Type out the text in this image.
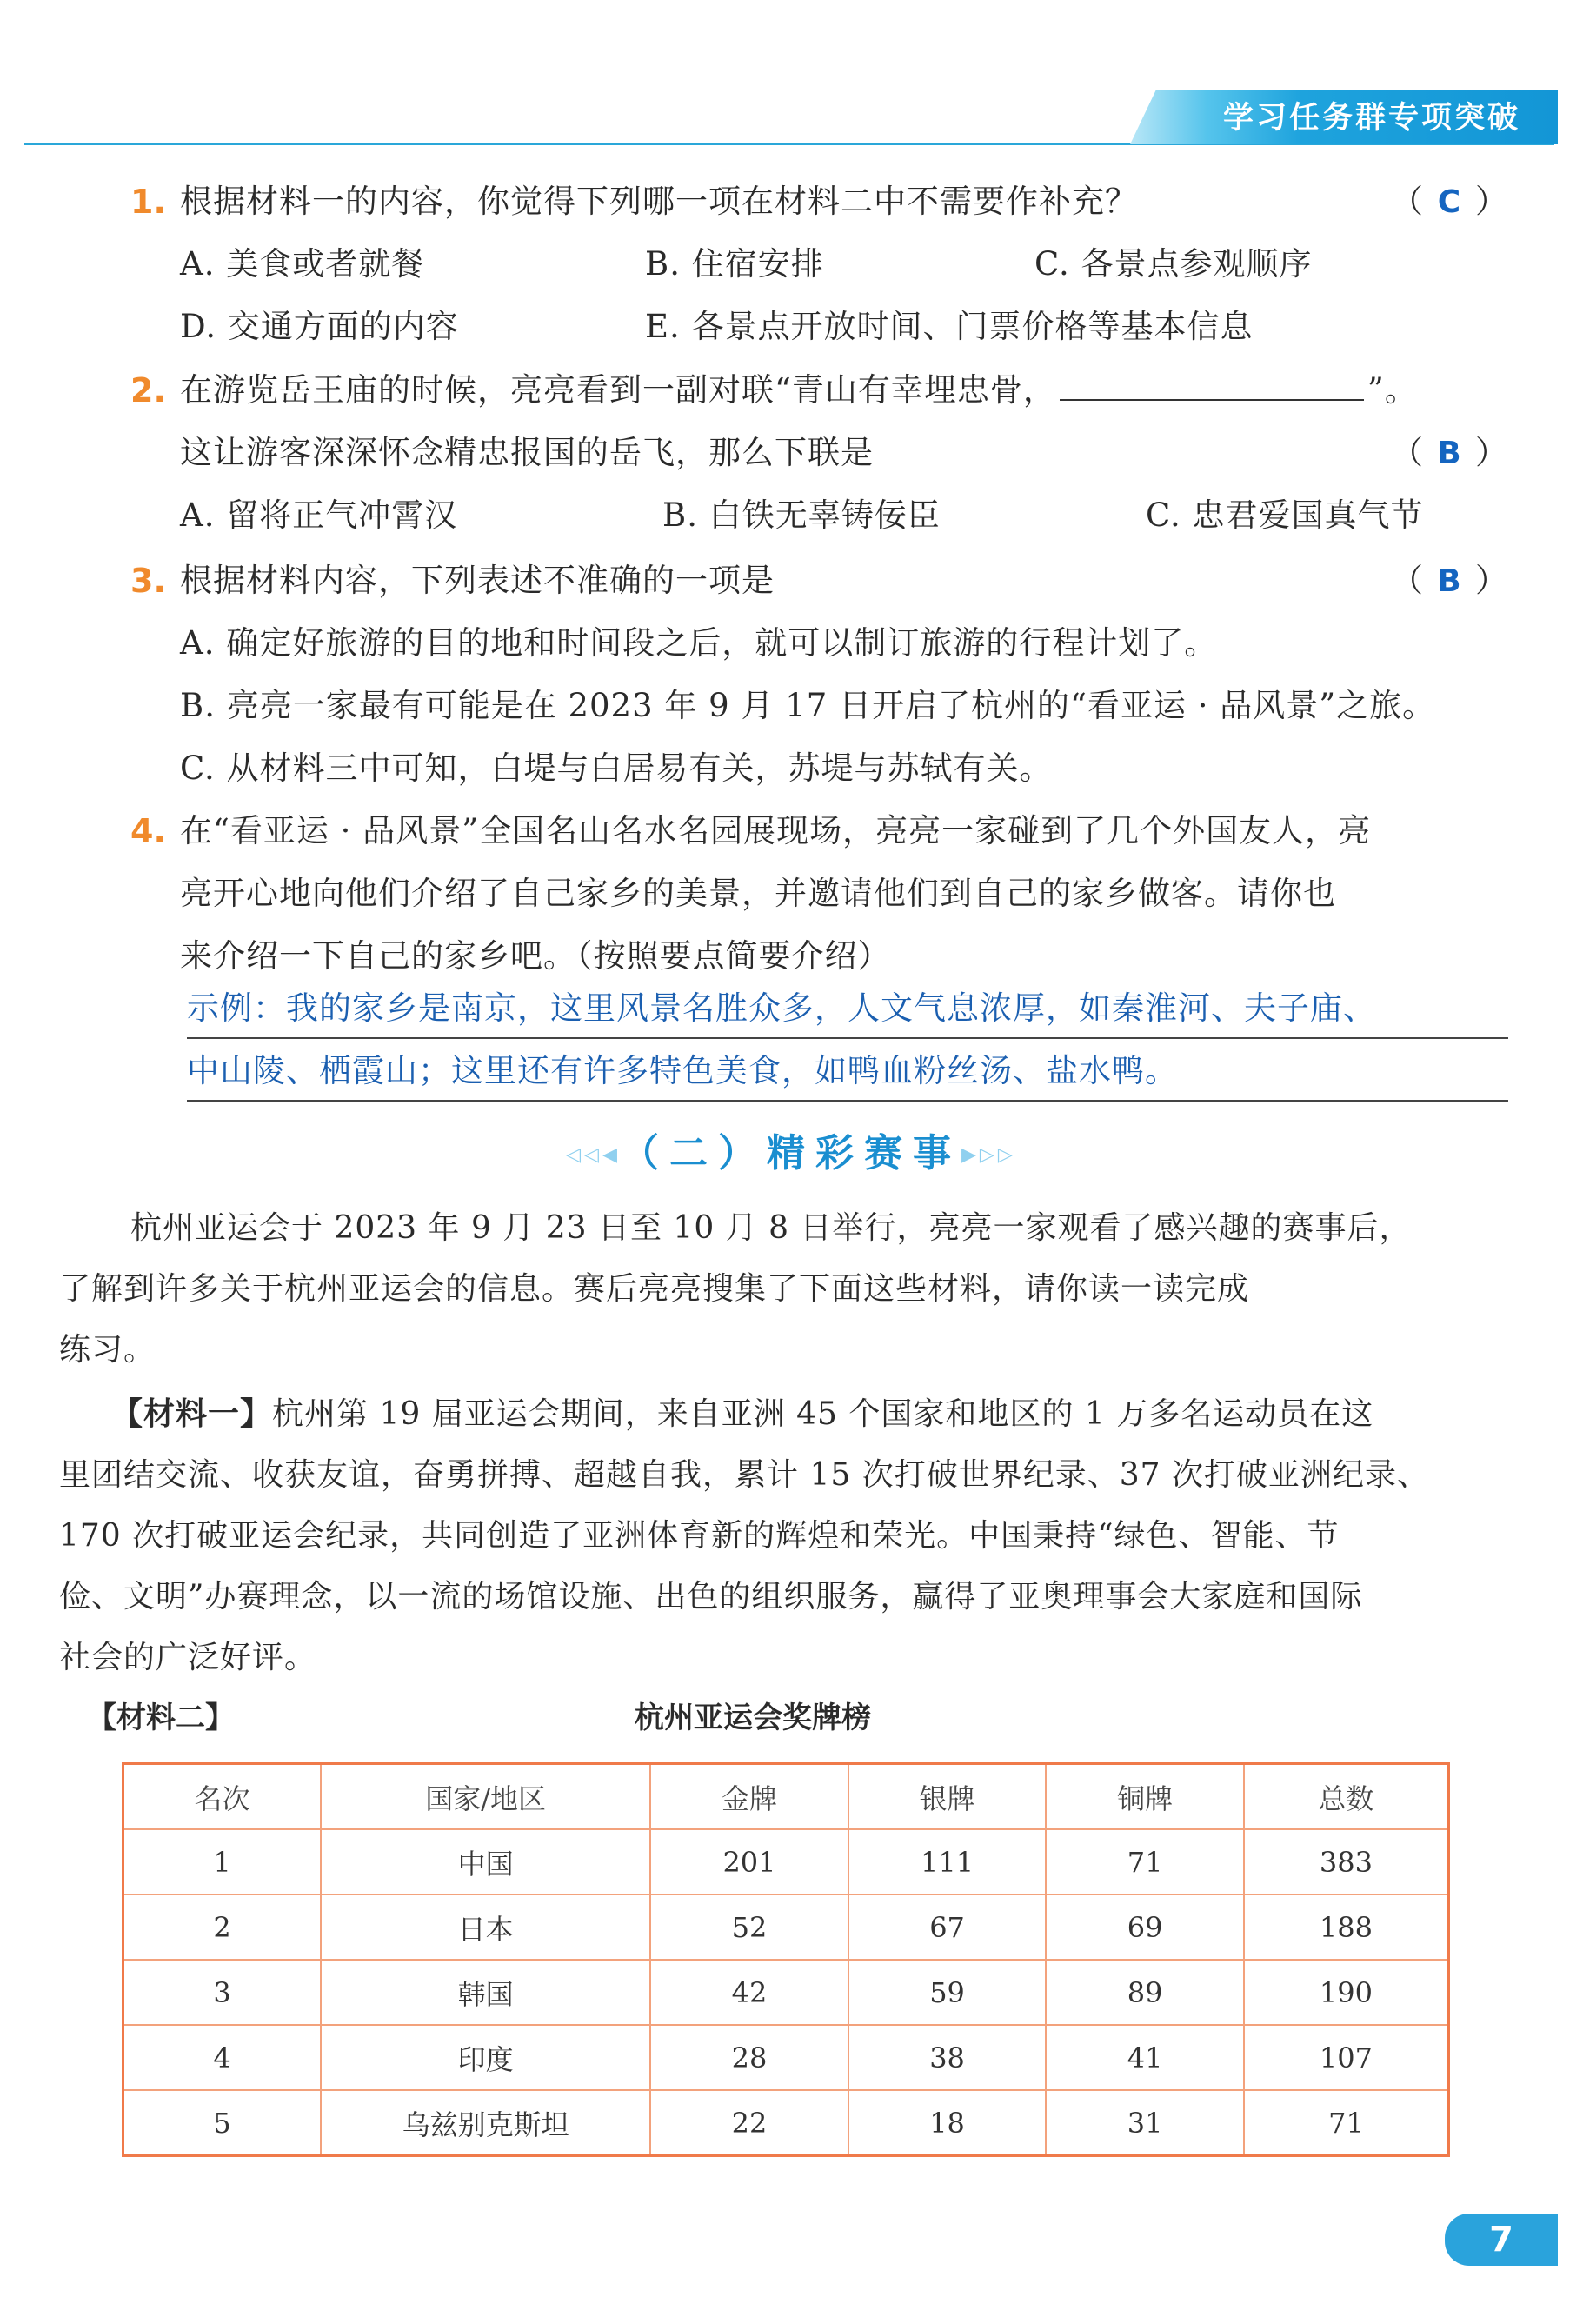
学习任务群专项突破
1. 根据材料一的内容，你觉得下列哪一项在材料二中不需要作补充？	（ C ）
A. 美食或者就餐	B. 住宿安排	C. 各景点参观顺序
D. 交通方面的内容	E. 各景点开放时间、门票价格等基本信息
2. 在游览岳王庙的时候，亮亮看到一副对联“青山有幸埋忠骨，	”。
这让游客深深怀念精忠报国的岳飞，那么下联是	（ B ）
A. 留将正气冲霄汉	B. 白铁无辜铸佞臣	C. 忠君爱国真气节
3. 根据材料内容，下列表述不准确的一项是	（ B ）
A. 确定好旅游的目的地和时间段之后，就可以制订旅游的行程计划了。
B. 亮亮一家最有可能是在 2023 年 9 月 17 日开启了杭州的“看亚运 · 品风景”之旅。
C. 从材料三中可知，白堤与白居易有关，苏堤与苏轼有关。
4. 在“看亚运 · 品风景”全国名山名水名园展现场，亮亮一家碰到了几个外国友人，亮
亮开心地向他们介绍了自己家乡的美景，并邀请他们到自己的家乡做客。请你也
来介绍一下自己的家乡吧。（按照要点简要介绍）
示例：我的家乡是南京，这里风景名胜众多，人文气息浓厚，如秦淮河、夫子庙、
中山陵、栖霞山；这里还有许多特色美食，如鸭血粉丝汤、盐水鸭。
◁◁◀（二）精彩赛事▶▷▷
杭州亚运会于 2023 年 9 月 23 日至 10 月 8 日举行，亮亮一家观看了感兴趣的赛事后，
了解到许多关于杭州亚运会的信息。赛后亮亮搜集了下面这些材料，请你读一读完成
练习。
【材料一】杭州第 19 届亚运会期间，来自亚洲 45 个国家和地区的 1 万多名运动员在这
里团结交流、收获友谊，奋勇拼搏、超越自我，累计 15 次打破世界纪录、37 次打破亚洲纪录、
170 次打破亚运会纪录，共同创造了亚洲体育新的辉煌和荣光。中国秉持“绿色、智能、节
俭、文明”办赛理念，以一流的场馆设施、出色的组织服务，赢得了亚奥理事会大家庭和国际
社会的广泛好评。
【材料二】	杭州亚运会奖牌榜
名次	国家/地区	金牌	银牌	铜牌	总数
1	中国	201	111	71	383
2	日本	52	67	69	188
3	韩国	42	59	89	190
4	印度	28	38	41	107
5	乌兹别克斯坦	22	18	31	71
7
